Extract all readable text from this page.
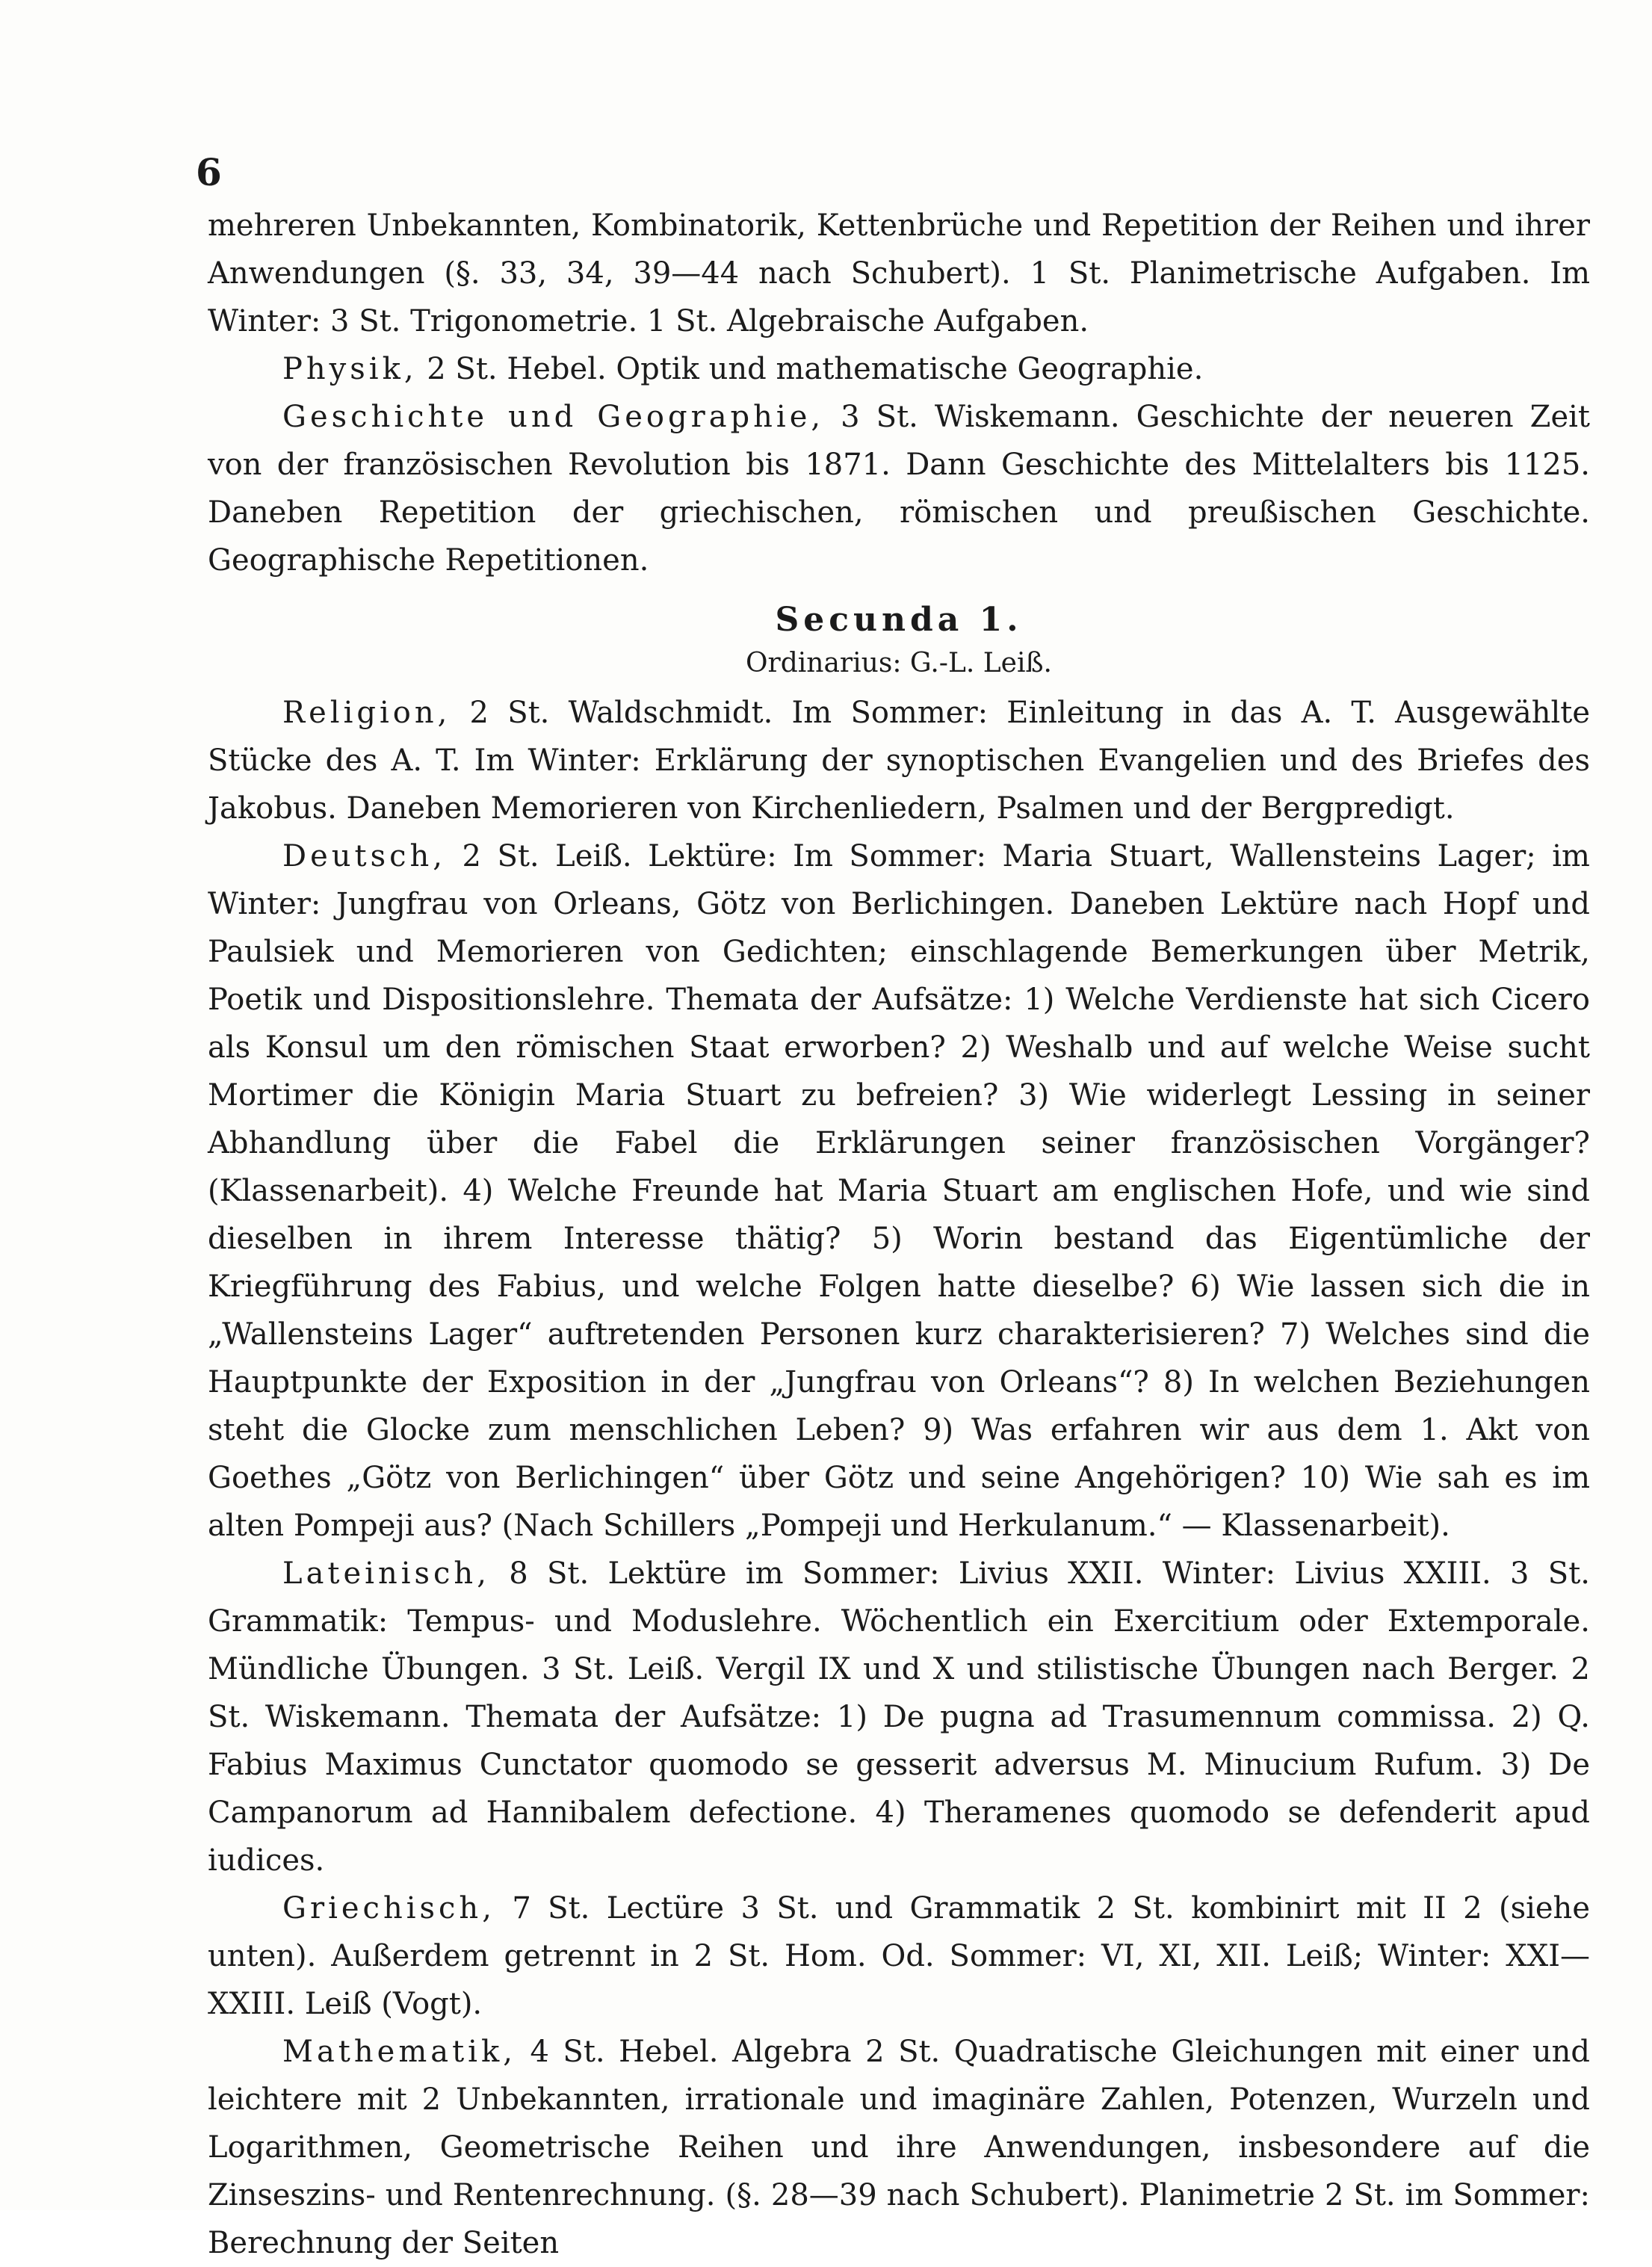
6

mehreren Unbekannten, Kombinatorik, Kettenbrüche und Repetition der Reihen und ihrer Anwendungen (§. 33, 34, 39—44 nach Schubert). 1 St. Planimetrische Aufgaben. Im Winter: 3 St. Trigonometrie. 1 St. Algebraische Aufgaben.

Physik, 2 St. Hebel. Optik und mathematische Geographie.

Geschichte und Geographie, 3 St. Wiskemann. Geschichte der neueren Zeit von der französischen Revolution bis 1871. Dann Geschichte des Mittelalters bis 1125. Daneben Repetition der griechischen, römischen und preußischen Geschichte. Geographische Repetitionen.

Secunda 1.
Ordinarius: G.-L. Leiß.

Religion, 2 St. Waldschmidt. Im Sommer: Einleitung in das A. T. Ausgewählte Stücke des A. T. Im Winter: Erklärung der synoptischen Evangelien und des Briefes des Jakobus. Daneben Memorieren von Kirchenliedern, Psalmen und der Bergpredigt.

Deutsch, 2 St. Leiß. Lektüre: Im Sommer: Maria Stuart, Wallensteins Lager; im Winter: Jungfrau von Orleans, Götz von Berlichingen. Daneben Lektüre nach Hopf und Paulsiek und Memorieren von Gedichten; einschlagende Bemerkungen über Metrik, Poetik und Dispositionslehre. Themata der Aufsätze: 1) Welche Verdienste hat sich Cicero als Konsul um den römischen Staat erworben? 2) Weshalb und auf welche Weise sucht Mortimer die Königin Maria Stuart zu befreien? 3) Wie widerlegt Lessing in seiner Abhandlung über die Fabel die Erklärungen seiner französischen Vorgänger? (Klassenarbeit). 4) Welche Freunde hat Maria Stuart am englischen Hofe, und wie sind dieselben in ihrem Interesse thätig? 5) Worin bestand das Eigentümliche der Kriegführung des Fabius, und welche Folgen hatte dieselbe? 6) Wie lassen sich die in „Wallensteins Lager“ auftretenden Personen kurz charakterisieren? 7) Welches sind die Hauptpunkte der Exposition in der „Jungfrau von Orleans“? 8) In welchen Beziehungen steht die Glocke zum menschlichen Leben? 9) Was erfahren wir aus dem 1. Akt von Goethes „Götz von Berlichingen“ über Götz und seine Angehörigen? 10) Wie sah es im alten Pompeji aus? (Nach Schillers „Pompeji und Herkulanum.“ — Klassenarbeit).

Lateinisch, 8 St. Lektüre im Sommer: Livius XXII. Winter: Livius XXIII. 3 St. Grammatik: Tempus- und Moduslehre. Wöchentlich ein Exercitium oder Extemporale. Mündliche Übungen. 3 St. Leiß. Vergil IX und X und stilistische Übungen nach Berger. 2 St. Wiskemann. Themata der Aufsätze: 1) De pugna ad Trasumennum commissa. 2) Q. Fabius Maximus Cunctator quomodo se gesserit adversus M. Minucium Rufum. 3) De Campanorum ad Hannibalem defectione. 4) Theramenes quomodo se defenderit apud iudices.

Griechisch, 7 St. Lectüre 3 St. und Grammatik 2 St. kombinirt mit II 2 (siehe unten). Außerdem getrennt in 2 St. Hom. Od. Sommer: VI, XI, XII. Leiß; Winter: XXI—XXIII. Leiß (Vogt).

Mathematik, 4 St. Hebel. Algebra 2 St. Quadratische Gleichungen mit einer und leichtere mit 2 Unbekannten, irrationale und imaginäre Zahlen, Potenzen, Wurzeln und Logarithmen, Geometrische Reihen und ihre Anwendungen, insbesondere auf die Zinseszins- und Rentenrechnung. (§. 28—39 nach Schubert). Planimetrie 2 St. im Sommer: Berechnung der Seiten
